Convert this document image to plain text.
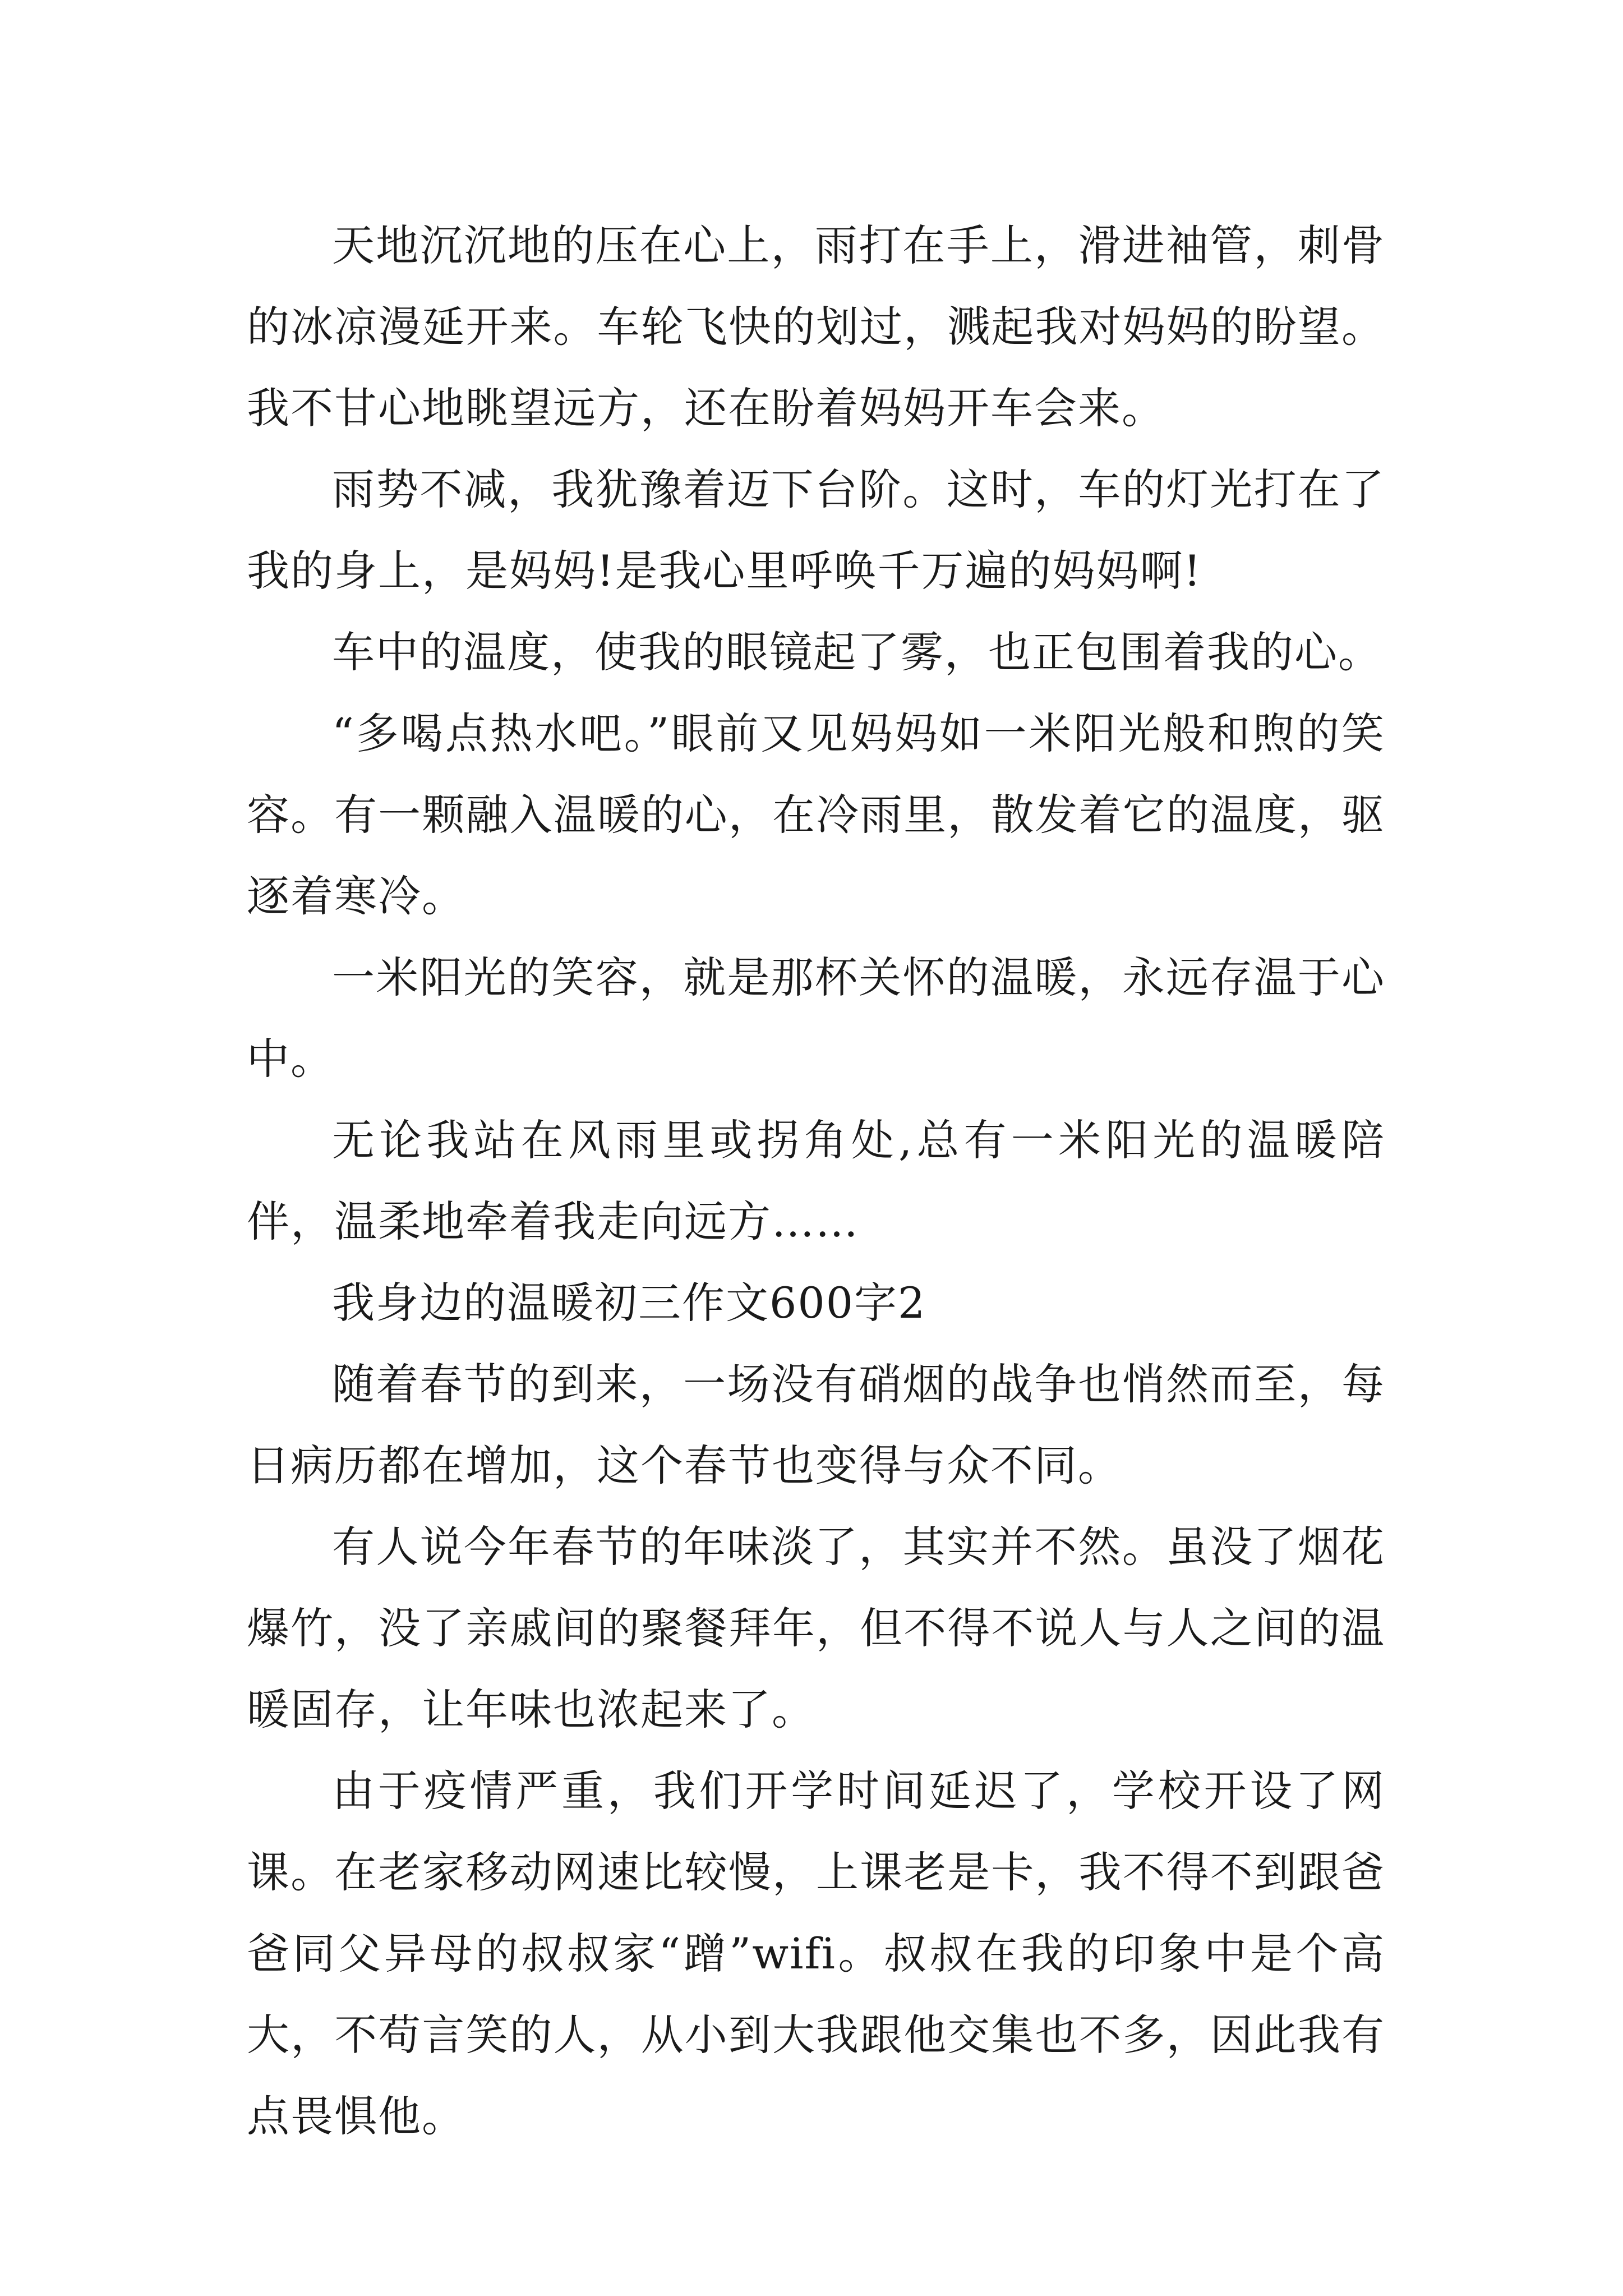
天地沉沉地的压在心上，雨打在手上，滑进袖管，刺骨的冰凉漫延开来。车轮飞快的划过，溅起我对妈妈的盼望。我不甘心地眺望远方，还在盼着妈妈开车会来。

雨势不减，我犹豫着迈下台阶。这时，车的灯光打在了我的身上，是妈妈!是我心里呼唤千万遍的妈妈啊!

车中的温度，使我的眼镜起了雾，也正包围着我的心。

“多喝点热水吧。”眼前又见妈妈如一米阳光般和煦的笑容。有一颗融入温暖的心，在冷雨里，散发着它的温度，驱逐着寒冷。

一米阳光的笑容，就是那杯关怀的温暖，永远存温于心中。

无论我站在风雨里或拐角处,总有一米阳光的温暖陪伴，温柔地牵着我走向远方……

我身边的温暖初三作文600字2

随着春节的到来，一场没有硝烟的战争也悄然而至，每日病历都在增加，这个春节也变得与众不同。

有人说今年春节的年味淡了，其实并不然。虽没了烟花爆竹，没了亲戚间的聚餐拜年，但不得不说人与人之间的温暖固存，让年味也浓起来了。

由于疫情严重，我们开学时间延迟了，学校开设了网课。在老家移动网速比较慢，上课老是卡，我不得不到跟爸爸同父异母的叔叔家“蹭”wifi。叔叔在我的印象中是个高大，不苟言笑的人，从小到大我跟他交集也不多，因此我有点畏惧他。
